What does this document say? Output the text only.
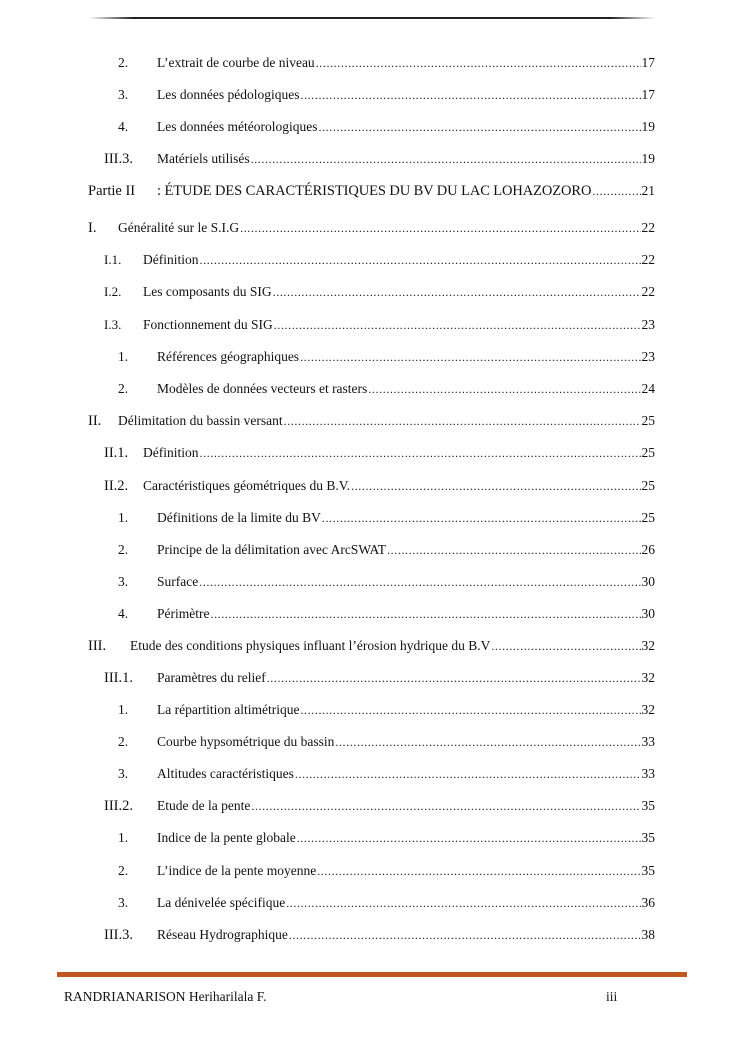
2. L’extrait de courbe de niveau .....	17
3. Les données pédologiques .....	17
4. Les données météorologiques .....	19
III.3. Matériels utilisés .....	19
Partie II : ÉTUDE DES CARACTÉRISTIQUES DU BV DU LAC LOHAZOZORO .....	21
I. Généralité sur le S.I.G .....	22
I.1. Définition .....	22
I.2. Les composants du SIG .....	22
I.3. Fonctionnement du SIG .....	23
1. Références géographiques .....	23
2. Modèles de données vecteurs et rasters .....	24
II. Délimitation du bassin versant .....	25
II.1. Définition .....	25
II.2. Caractéristiques géométriques du B.V. .....	25
1. Définitions de la limite du BV .....	25
2. Principe de la délimitation avec ArcSWAT .....	26
3. Surface .....	30
4. Périmètre .....	30
III. Etude des conditions physiques influant l’érosion hydrique du B.V .....	32
III.1. Paramètres du relief .....	32
1. La répartition altimétrique .....	32
2. Courbe hypsométrique du bassin .....	33
3. Altitudes caractéristiques .....	33
III.2. Etude de la pente .....	35
1. Indice de la pente globale .....	35
2. L’indice de la pente moyenne .....	35
3. La dénivelée spécifique .....	36
III.3. Réseau Hydrographique .....	38
RANDRIANARISON Heriharilala F.	iii
